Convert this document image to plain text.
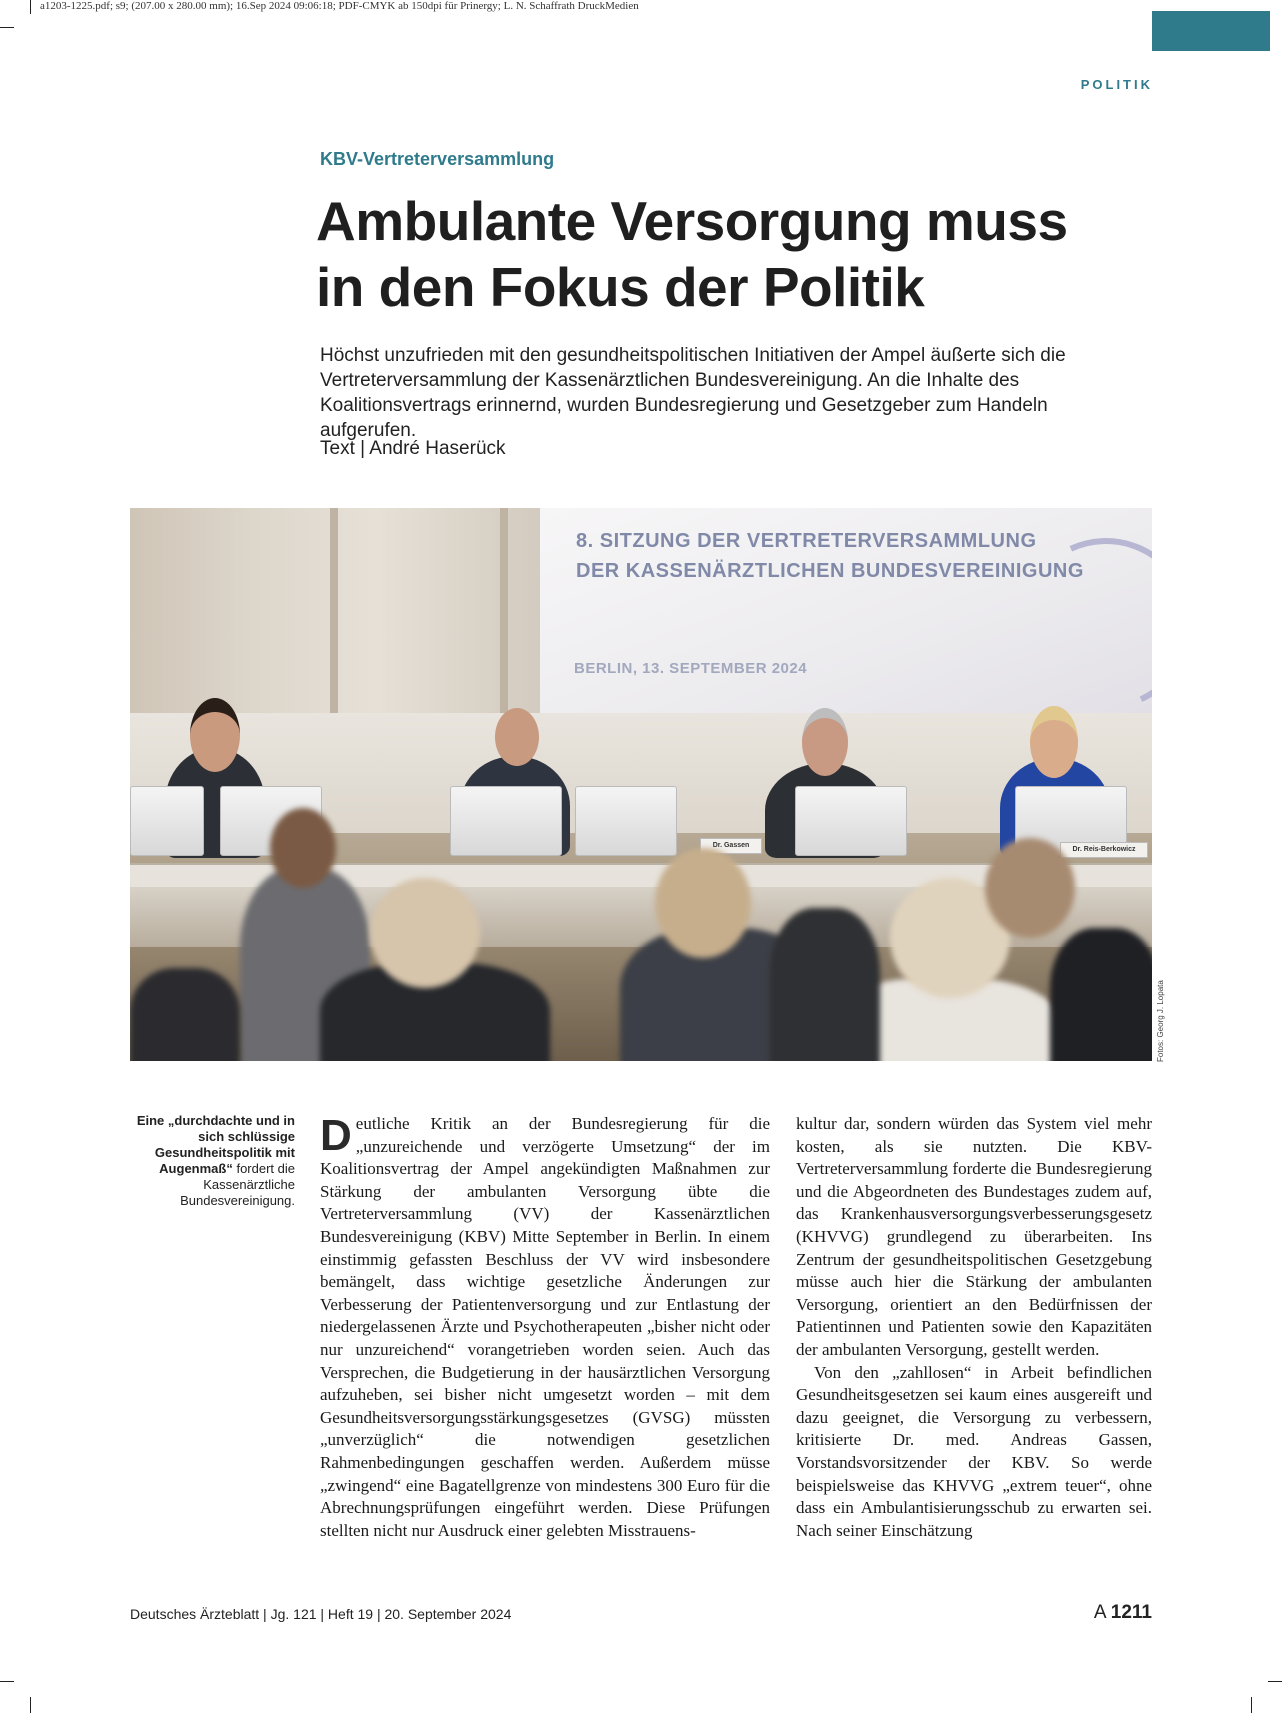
a1203-1225.pdf; s9; (207.00 x 280.00 mm); 16.Sep 2024 09:06:18; PDF-CMYK ab 150dpi für Prinergy; L. N. Schaffrath DruckMedien
POLITIK
KBV-Vertreterversammlung
Ambulante Versorgung muss
in den Fokus der Politik

Höchst unzufrieden mit den gesundheitspolitischen Initiativen der Ampel äußerte sich die Vertreterversammlung der Kassenärztlichen Bundesvereinigung. An die Inhalte des Koalitionsvertrags erinnernd, wurden Bundesregierung und Gesetzgeber zum Handeln aufgerufen.

Text | André Haserück
8. SITZUNG DER VERTRETERVERSAMMLUNG
DER KASSENÄRZTLICHEN BUNDESVEREINIGUNG
BERLIN, 13. SEPTEMBER 2024
Dr. Gassen
Dr. Reis-Berkowicz
Fotos: Georg J. Lopata

Eine „durchdachte und in sich schlüssige Gesundheitspolitik mit Augenmaß“ fordert die Kassenärztliche Bundesvereinigung.

Deutliche Kritik an der Bundesregierung für die „unzureichende und verzögerte Umsetzung“ der im Koalitionsvertrag der Ampel angekündigten Maßnahmen zur Stärkung der ambulanten Versorgung übte die Vertreterversammlung (VV) der Kassenärztlichen Bundesvereinigung (KBV) Mitte September in Berlin. In einem einstimmig gefassten Beschluss der VV wird insbesondere bemängelt, dass wichtige gesetzliche Änderungen zur Verbesserung der Patientenversorgung und zur Entlastung der niedergelassenen Ärzte und Psychotherapeuten „bisher nicht oder nur unzureichend“ vorangetrieben worden seien. Auch das Versprechen, die Budgetierung in der hausärztlichen Versorgung aufzuheben, sei bisher nicht umgesetzt worden – mit dem Gesundheitsversorgungsstärkungsgesetzes (GVSG) müssten „unverzüglich“ die notwendigen gesetzlichen Rahmenbedingungen geschaffen werden. Außerdem müsse „zwingend“ eine Bagatellgrenze von mindestens 300 Euro für die Abrechnungsprüfungen eingeführt werden. Diese Prüfungen stellten nicht nur Ausdruck einer gelebten Misstrauens-

kultur dar, sondern würden das System viel mehr kosten, als sie nutzten. Die KBV-Vertreterversammlung forderte die Bundesregierung und die Abgeordneten des Bundestages zudem auf, das Krankenhausversorgungsverbesserungsgesetz (KHVVG) grundlegend zu überarbeiten. Ins Zentrum der gesundheitspolitischen Gesetzgebung müsse auch hier die Stärkung der ambulanten Versorgung, orientiert an den Bedürfnissen der Patientinnen und Patienten sowie den Kapazitäten der ambulanten Versorgung, gestellt werden.

Von den „zahllosen“ in Arbeit befindlichen Gesundheitsgesetzen sei kaum eines ausgereift und dazu geeignet, die Versorgung zu verbessern, kritisierte Dr. med. Andreas Gassen, Vorstandsvorsitzender der KBV. So werde beispielsweise das KHVVG „extrem teuer“, ohne dass ein Ambulantisierungsschub zu erwarten sei. Nach seiner Einschätzung

Deutsches Ärzteblatt | Jg. 121 | Heft 19 | 20. September 2024	A 1211
